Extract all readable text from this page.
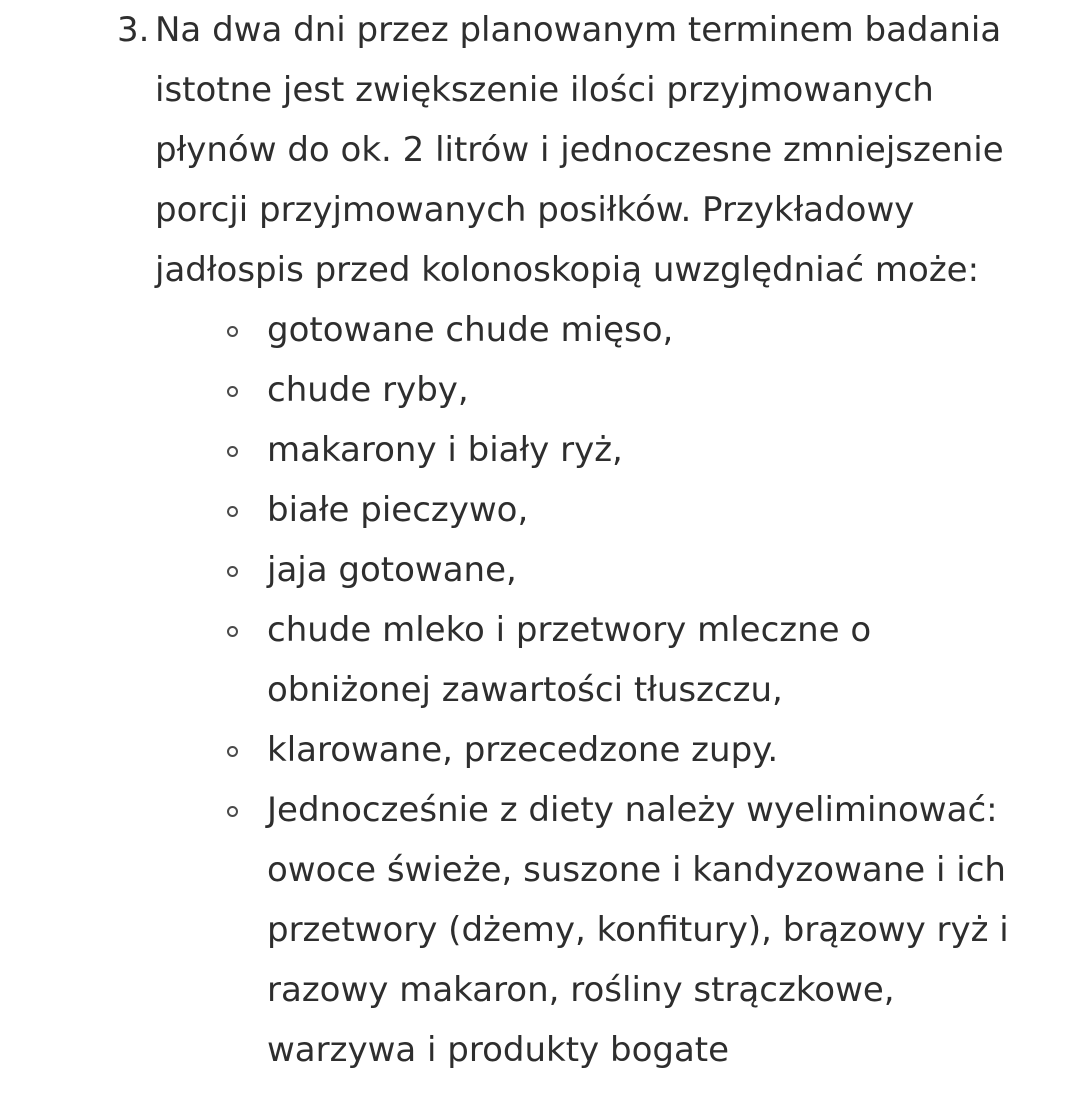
3. Na dwa dni przez planowanym terminem badania
istotne jest zwiększenie ilości przyjmowanych
płynów do ok. 2 litrów i jednoczesne zmniejszenie
porcji przyjmowanych posiłków. Przykładowy
jadłospis przed kolonoskopią uwzględniać może:
gotowane chude mięso,
chude ryby,
makarony i biały ryż,
białe pieczywo,
jaja gotowane,
chude mleko i przetwory mleczne o
obniżonej zawartości tłuszczu,
klarowane, przecedzone zupy.
Jednocześnie z diety należy wyeliminować:
owoce świeże, suszone i kandyzowane i ich
przetwory (dżemy, konfitury), brązowy ryż i
razowy makaron, rośliny strączkowe,
warzywa i produkty bogate
